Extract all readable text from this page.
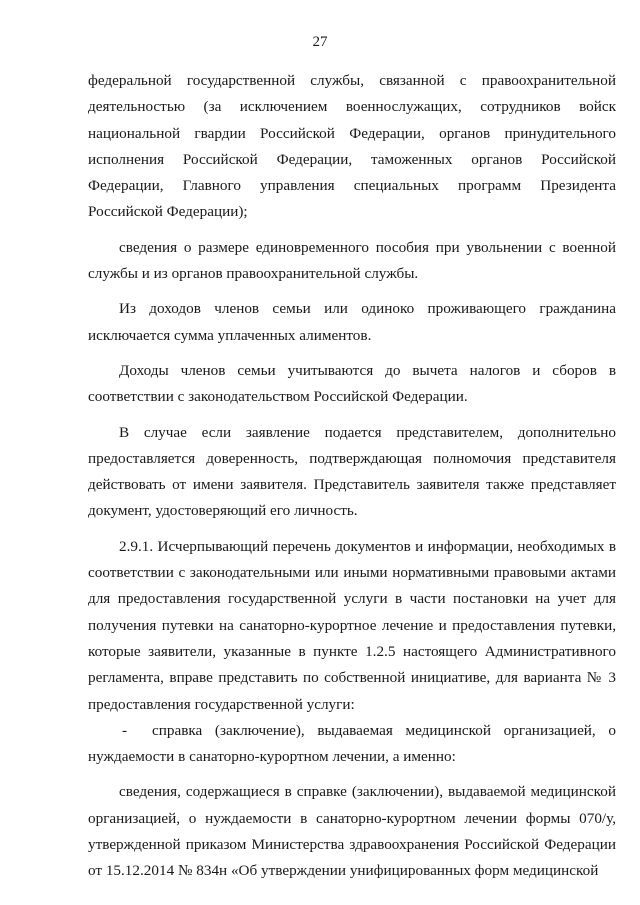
27

федеральной государственной службы, связанной с правоохранительной деятельностью (за исключением военнослужащих, сотрудников войск национальной гвардии Российской Федерации, органов принудительного исполнения Российской Федерации, таможенных органов Российской Федерации, Главного управления специальных программ Президента Российской Федерации);

сведения о размере единовременного пособия при увольнении с военной службы и из органов правоохранительной службы.

Из доходов членов семьи или одиноко проживающего гражданина исключается сумма уплаченных алиментов.

Доходы членов семьи учитываются до вычета налогов и сборов в соответствии с законодательством Российской Федерации.

В случае если заявление подается представителем, дополнительно предоставляется доверенность, подтверждающая полномочия представителя действовать от имени заявителя. Представитель заявителя также представляет документ, удостоверяющий его личность.

2.9.1. Исчерпывающий перечень документов и информации, необходимых в соответствии с законодательными или иными нормативными правовыми актами для предоставления государственной услуги в части постановки на учет для получения путевки на санаторно-курортное лечение и предоставления путевки, которые заявители, указанные в пункте 1.2.5 настоящего Административного регламента, вправе представить по собственной инициативе, для варианта № 3 предоставления государственной услуги:

- справка (заключение), выдаваемая медицинской организацией, о нуждаемости в санаторно-курортном лечении, а именно:

сведения, содержащиеся в справке (заключении), выдаваемой медицинской организацией, о нуждаемости в санаторно-курортном лечении формы 070/у, утвержденной приказом Министерства здравоохранения Российской Федерации от 15.12.2014 № 834н «Об утверждении унифицированных форм медицинской
